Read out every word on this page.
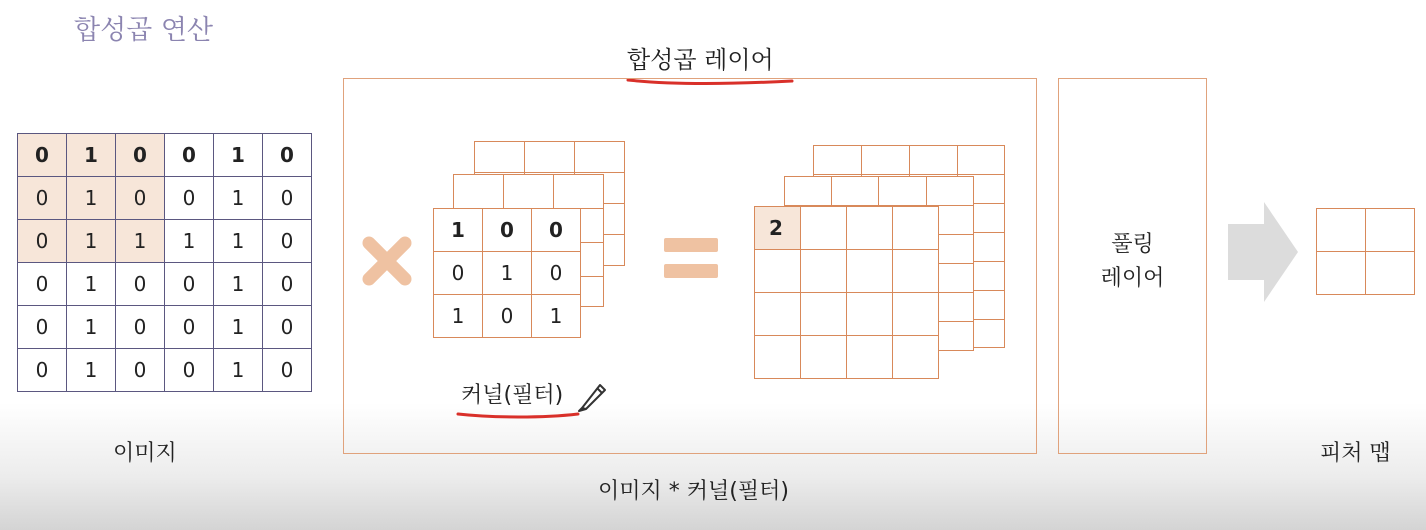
합성곱 연산
합성곱 레이어
0	1	0	0	1	0
0	1	0	0	1	0
0	1	1	1	1	0
0	1	0	0	1	0
0	1	0	0	1	0
0	1	0	0	1	0
이미지
1	0	0
0	1	0
1	0	1
커널(필터)
2			

이미지 * 커널(필터)
풀링
레이어

피처 맵
